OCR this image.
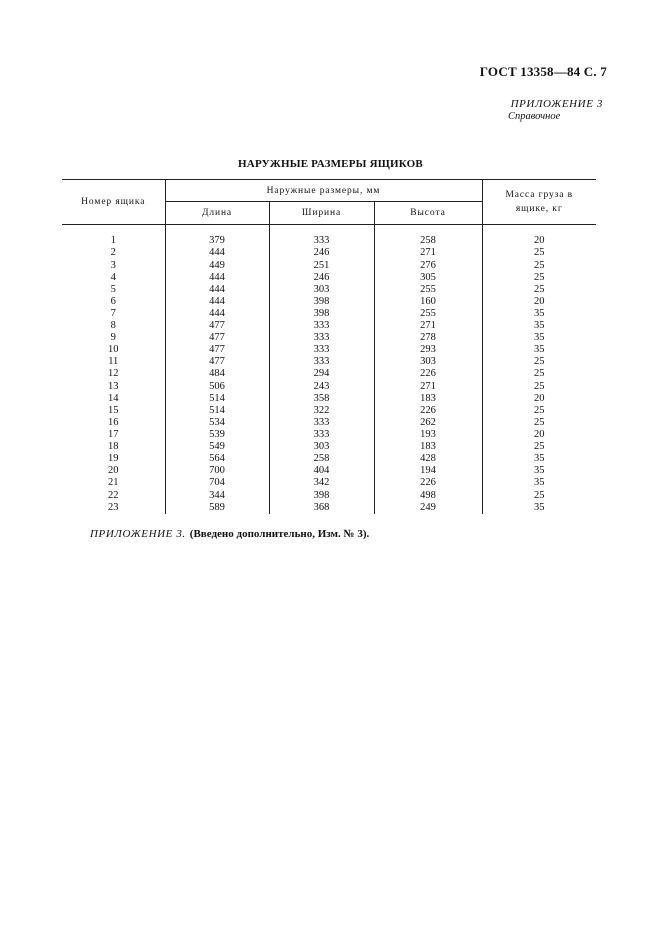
ГОСТ 13358—84 С. 7
ПРИЛОЖЕНИЕ 3
Справочное
НАРУЖНЫЕ РАЗМЕРЫ ЯЩИКОВ
Номер ящика	Наружные размеры, мм			Масса груза в ящике, кг
	Длина	Ширина	Высота	

1	379	333	258	20
2	444	246	271	25
3	449	251	276	25
4	444	246	305	25
5	444	303	255	25
6	444	398	160	20
7	444	398	255	35
8	477	333	271	35
9	477	333	278	35
10	477	333	293	35
11	477	333	303	25
12	484	294	226	25
13	506	243	271	25
14	514	358	183	20
15	514	322	226	25
16	534	333	262	25
17	539	333	193	20
18	549	303	183	25
19	564	258	428	35
20	700	404	194	35
21	704	342	226	35
22	344	398	498	25
23	589	368	249	35
ПРИЛОЖЕНИЕ 3. (Введено дополнительно, Изм. № 3).
